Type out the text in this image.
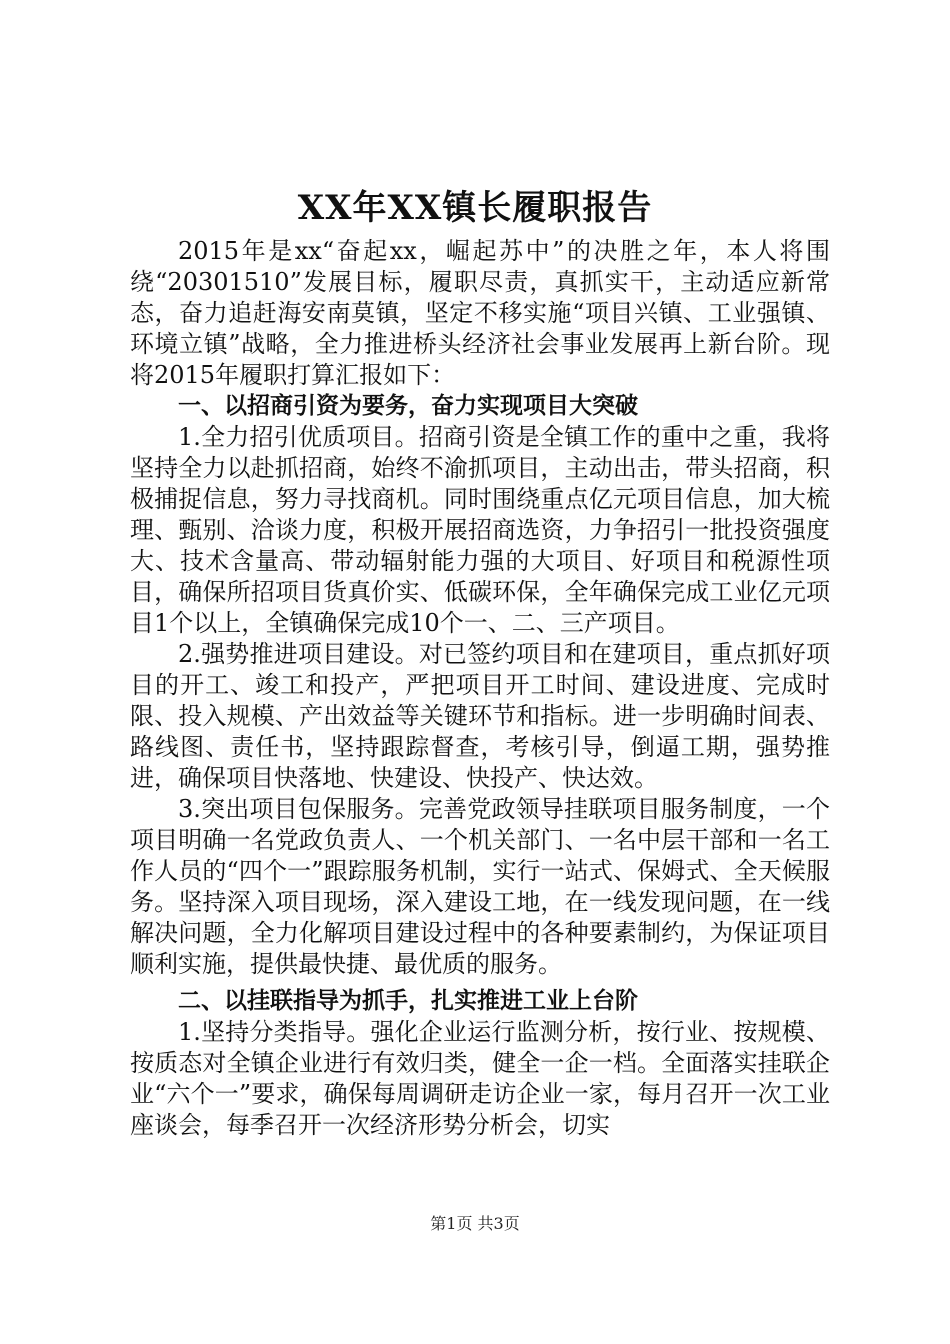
XX年XX镇长履职报告

2015年是xx“奋起xx，崛起苏中”的决胜之年，本人将围绕“20301510”发展目标，履职尽责，真抓实干，主动适应新常态，奋力追赶海安南莫镇，坚定不移实施“项目兴镇、工业强镇、环境立镇”战略，全力推进桥头经济社会事业发展再上新台阶。现将2015年履职打算汇报如下：

一、以招商引资为要务，奋力实现项目大突破

1.全力招引优质项目。招商引资是全镇工作的重中之重，我将坚持全力以赴抓招商，始终不渝抓项目，主动出击，带头招商，积极捕捉信息，努力寻找商机。同时围绕重点亿元项目信息，加大梳理、甄别、洽谈力度，积极开展招商选资，力争招引一批投资强度大、技术含量高、带动辐射能力强的大项目、好项目和税源性项目，确保所招项目货真价实、低碳环保，全年确保完成工业亿元项目1个以上，全镇确保完成10个一、二、三产项目。

2.强势推进项目建设。对已签约项目和在建项目，重点抓好项目的开工、竣工和投产，严把项目开工时间、建设进度、完成时限、投入规模、产出效益等关键环节和指标。进一步明确时间表、路线图、责任书，坚持跟踪督查，考核引导，倒逼工期，强势推进，确保项目快落地、快建设、快投产、快达效。

3.突出项目包保服务。完善党政领导挂联项目服务制度，一个项目明确一名党政负责人、一个机关部门、一名中层干部和一名工作人员的“四个一”跟踪服务机制，实行一站式、保姆式、全天候服务。坚持深入项目现场，深入建设工地，在一线发现问题，在一线解决问题，全力化解项目建设过程中的各种要素制约，为保证项目顺利实施，提供最快捷、最优质的服务。

二、以挂联指导为抓手，扎实推进工业上台阶

1.坚持分类指导。强化企业运行监测分析，按行业、按规模、按质态对全镇企业进行有效归类，健全一企一档。全面落实挂联企业“六个一”要求，确保每周调研走访企业一家，每月召开一次工业座谈会，每季召开一次经济形势分析会，切实

第1页 共3页
